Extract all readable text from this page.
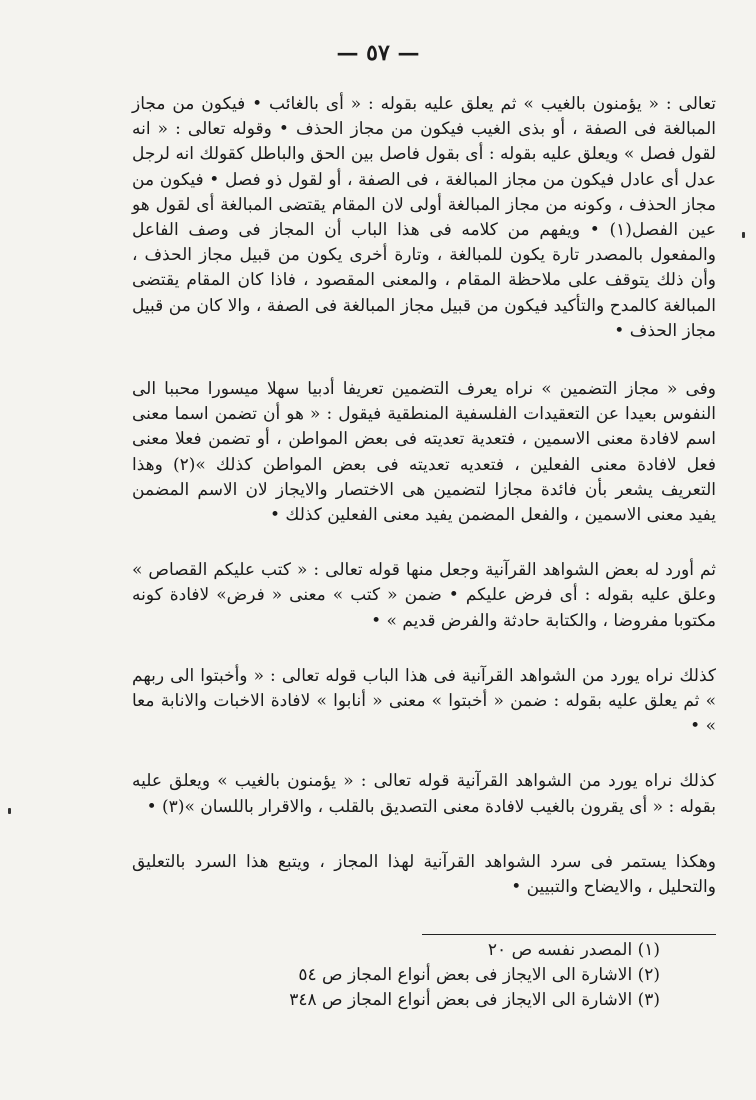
— ٥٧ —

تعالى : « يؤمنون بالغيب » ثم يعلق عليه بقوله : « أى بالغائب • فيكون من مجاز المبالغة فى الصفة ، أو بذى الغيب فيكون من مجاز الحذف • وقوله تعالى : « انه لقول فصل » ويعلق عليه بقوله : أى بقول فاصل بين الحق والباطل كقولك انه لرجل عدل أى عادل فيكون من مجاز المبالغة ، فى الصفة ، أو لقول ذو فصل • فيكون من مجاز الحذف ، وكونه من مجاز المبالغة أولى لان المقام يقتضى المبالغة أى لقول هو عين الفصل(١) • ويفهم من كلامه فى هذا الباب أن المجاز فى وصف الفاعل والمفعول بالمصدر تارة يكون للمبالغة ، وتارة أخرى يكون من قبيل مجاز الحذف ، وأن ذلك يتوقف على ملاحظة المقام ، والمعنى المقصود ، فاذا كان المقام يقتضى المبالغة كالمدح والتأكيد فيكون من قبيل مجاز المبالغة فى الصفة ، والا كان من قبيل مجاز الحذف •

وفى « مجاز التضمين » نراه يعرف التضمين تعريفا أدبيا سهلا ميسورا محببا الى النفوس بعيدا عن التعقيدات الفلسفية المنطقية فيقول : « هو أن تضمن اسما معنى اسم لافادة معنى الاسمين ، فتعدية تعديته فى بعض المواطن ، أو تضمن فعلا معنى فعل لافادة معنى الفعلين ، فتعديه تعديته فى بعض المواطن كذلك »(٢) وهذا التعريف يشعر بأن فائدة مجازا لتضمين هى الاختصار والايجاز لان الاسم المضمن يفيد معنى الاسمين ، والفعل المضمن يفيد معنى الفعلين كذلك •

ثم أورد له بعض الشواهد القرآنية وجعل منها قوله تعالى : « كتب عليكم القصاص » وعلق عليه بقوله : أى فرض عليكم • ضمن « كتب » معنى « فرض» لافادة كونه مكتوبا مفروضا ، والكتابة حادثة والفرض قديم » •

كذلك نراه يورد من الشواهد القرآنية فى هذا الباب قوله تعالى : « وأخبتوا الى ربهم » ثم يعلق عليه بقوله : ضمن « أخبتوا » معنى « أنابوا » لافادة الاخبات والانابة معا » •

كذلك نراه يورد من الشواهد القرآنية قوله تعالى : « يؤمنون بالغيب » ويعلق عليه بقوله : « أى يقرون بالغيب لافادة معنى التصديق بالقلب ، والاقرار باللسان »(٣) •

وهكذا يستمر فى سرد الشواهد القرآنية لهذا المجاز ، ويتبع هذا السرد بالتعليق والتحليل ، والايضاح والتبيين •

(١) المصدر نفسه ص ٢٠
(٢) الاشارة الى الايجاز فى بعض أنواع المجاز ص ٥٤
(٣) الاشارة الى الايجاز فى بعض أنواع المجاز ص ٣٤٨
